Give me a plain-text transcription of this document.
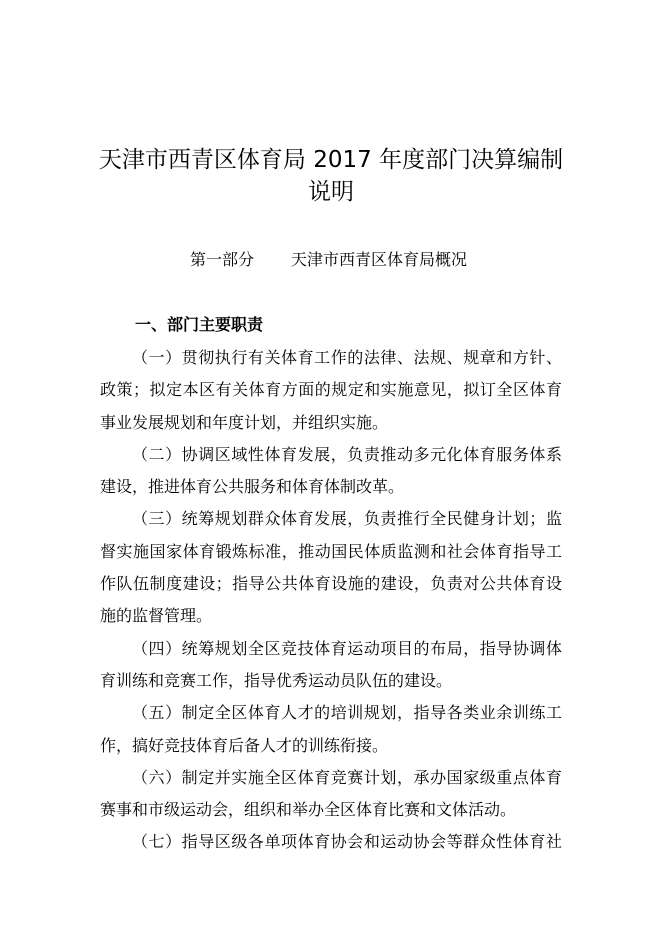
天津市西青区体育局 2017 年度部门决算编制
说明
第一部分 天津市西青区体育局概况
一、部门主要职责
（一）贯彻执行有关体育工作的法律、法规、规章和方针、
政策；拟定本区有关体育方面的规定和实施意见，拟订全区体育
事业发展规划和年度计划，并组织实施。
（二）协调区域性体育发展，负责推动多元化体育服务体系
建设，推进体育公共服务和体育体制改革。
（三）统筹规划群众体育发展，负责推行全民健身计划；监
督实施国家体育锻炼标准，推动国民体质监测和社会体育指导工
作队伍制度建设；指导公共体育设施的建设，负责对公共体育设
施的监督管理。
（四）统筹规划全区竞技体育运动项目的布局，指导协调体
育训练和竞赛工作，指导优秀运动员队伍的建设。
（五）制定全区体育人才的培训规划，指导各类业余训练工
作，搞好竞技体育后备人才的训练衔接。
（六）制定并实施全区体育竞赛计划，承办国家级重点体育
赛事和市级运动会，组织和举办全区体育比赛和文体活动。
（七）指导区级各单项体育协会和运动协会等群众性体育社
